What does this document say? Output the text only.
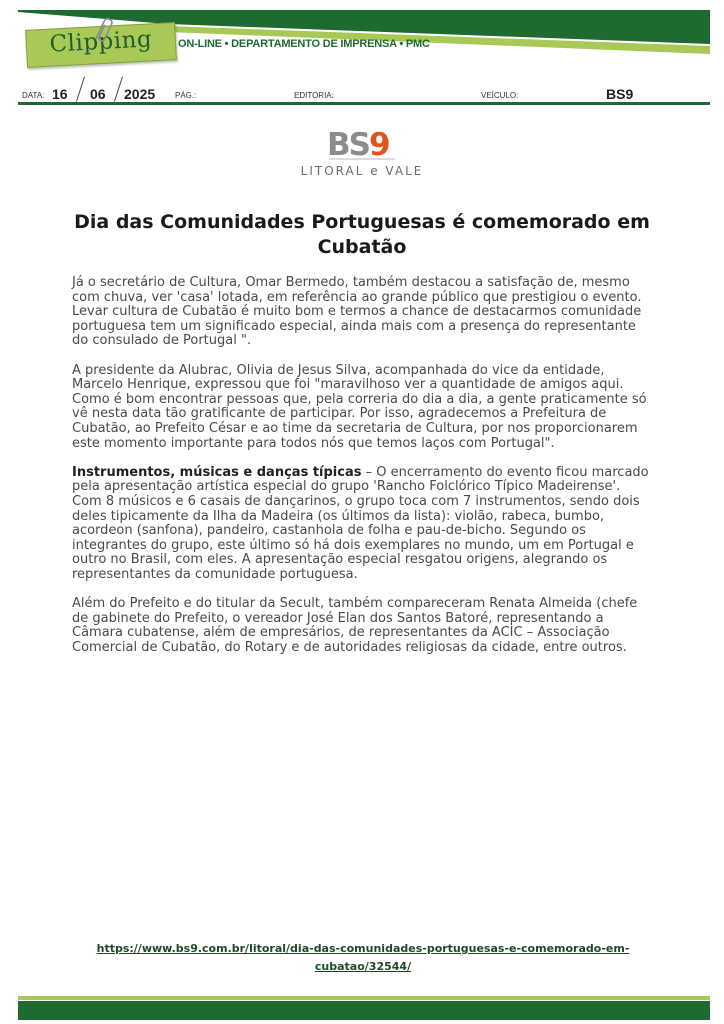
Clipping	ON-LINE • DEPARTAMENTO DE IMPRENSA • PMC
DATA: 16 06 2025 PÁG.:	EDITORIA:	VEÍCULO:	BS9
BS9
LITORAL e VALE
Dia das Comunidades Portuguesas é comemorado em Cubatão

Já o secretário de Cultura, Omar Bermedo, também destacou a satisfação de, mesmo com chuva, ver 'casa' lotada, em referência ao grande público que prestigiou o evento. Levar cultura de Cubatão é muito bom e termos a chance de destacarmos comunidade portuguesa tem um significado especial, ainda mais com a presença do representante do consulado de Portugal ".

A presidente da Alubrac, Olivia de Jesus Silva, acompanhada do vice da entidade, Marcelo Henrique, expressou que foi "maravilhoso ver a quantidade de amigos aqui. Como é bom encontrar pessoas que, pela correria do dia a dia, a gente praticamente só vê nesta data tão gratificante de participar. Por isso, agradecemos a Prefeitura de Cubatão, ao Prefeito César e ao time da secretaria de Cultura, por nos proporcionarem este momento importante para todos nós que temos laços com Portugal".

Instrumentos, músicas e danças típicas – O encerramento do evento ficou marcado pela apresentação artística especial do grupo 'Rancho Folclórico Típico Madeirense'. Com 8 músicos e 6 casais de dançarinos, o grupo toca com 7 instrumentos, sendo dois deles tipicamente da Ilha da Madeira (os últimos da lista): violão, rabeca, bumbo, acordeon (sanfona), pandeiro, castanhola de folha e pau-de-bicho. Segundo os integrantes do grupo, este último só há dois exemplares no mundo, um em Portugal e outro no Brasil, com eles. A apresentação especial resgatou origens, alegrando os representantes da comunidade portuguesa.

Além do Prefeito e do titular da Secult, também compareceram Renata Almeida (chefe de gabinete do Prefeito, o vereador José Elan dos Santos Batoré, representando a Câmara cubatense, além de empresários, de representantes da ACIC – Associação Comercial de Cubatão, do Rotary e de autoridades religiosas da cidade, entre outros.

https://www.bs9.com.br/litoral/dia-das-comunidades-portuguesas-e-comemorado-em-cubatao/32544/
